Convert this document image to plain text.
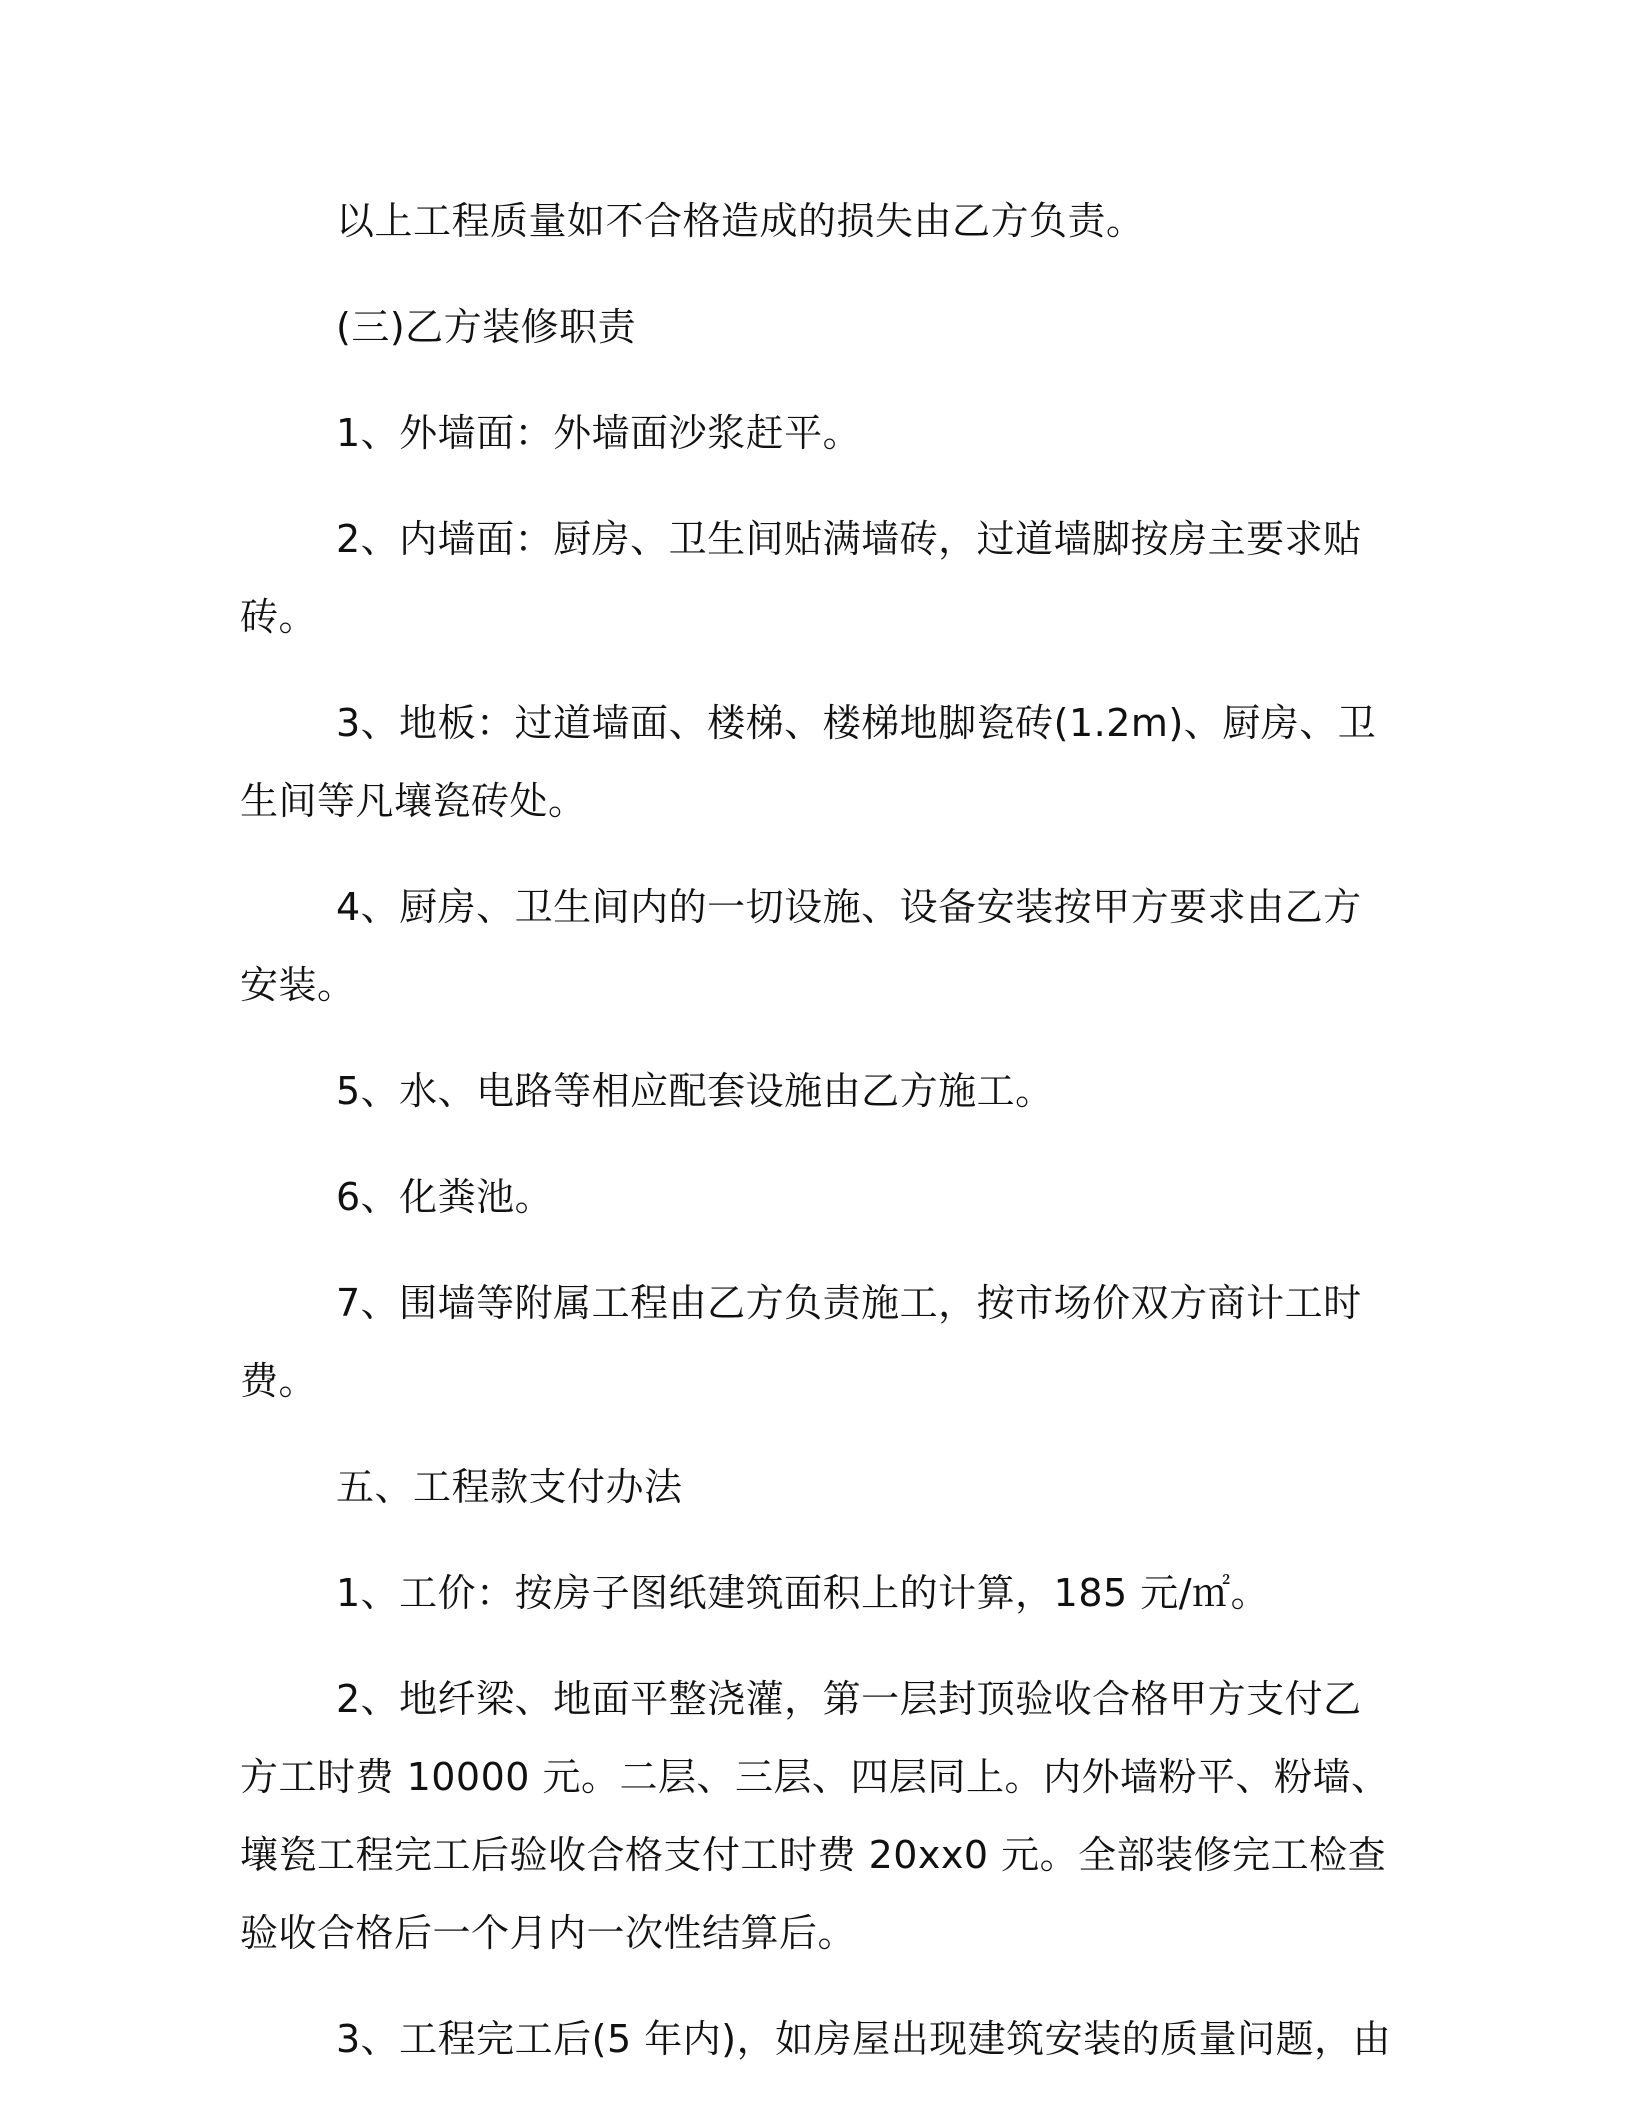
以上工程质量如不合格造成的损失由乙方负责。

(三)乙方装修职责

1、外墙面：外墙面沙浆赶平。

2、内墙面：厨房、卫生间贴满墙砖，过道墙脚按房主要求贴砖。

3、地板：过道墙面、楼梯、楼梯地脚瓷砖(1.2m)、厨房、卫生间等凡壤瓷砖处。

4、厨房、卫生间内的一切设施、设备安装按甲方要求由乙方安装。

5、水、电路等相应配套设施由乙方施工。

6、化粪池。

7、围墙等附属工程由乙方负责施工，按市场价双方商计工时费。

五、工程款支付办法

1、工价：按房子图纸建筑面积上的计算，185 元/㎡。

2、地纤梁、地面平整浇灌，第一层封顶验收合格甲方支付乙方工时费 10000 元。二层、三层、四层同上。内外墙粉平、粉墙、壤瓷工程完工后验收合格支付工时费 20xx0 元。全部装修完工检查验收合格后一个月内一次性结算后。

3、工程完工后(5 年内)，如房屋出现建筑安装的质量问题，由
